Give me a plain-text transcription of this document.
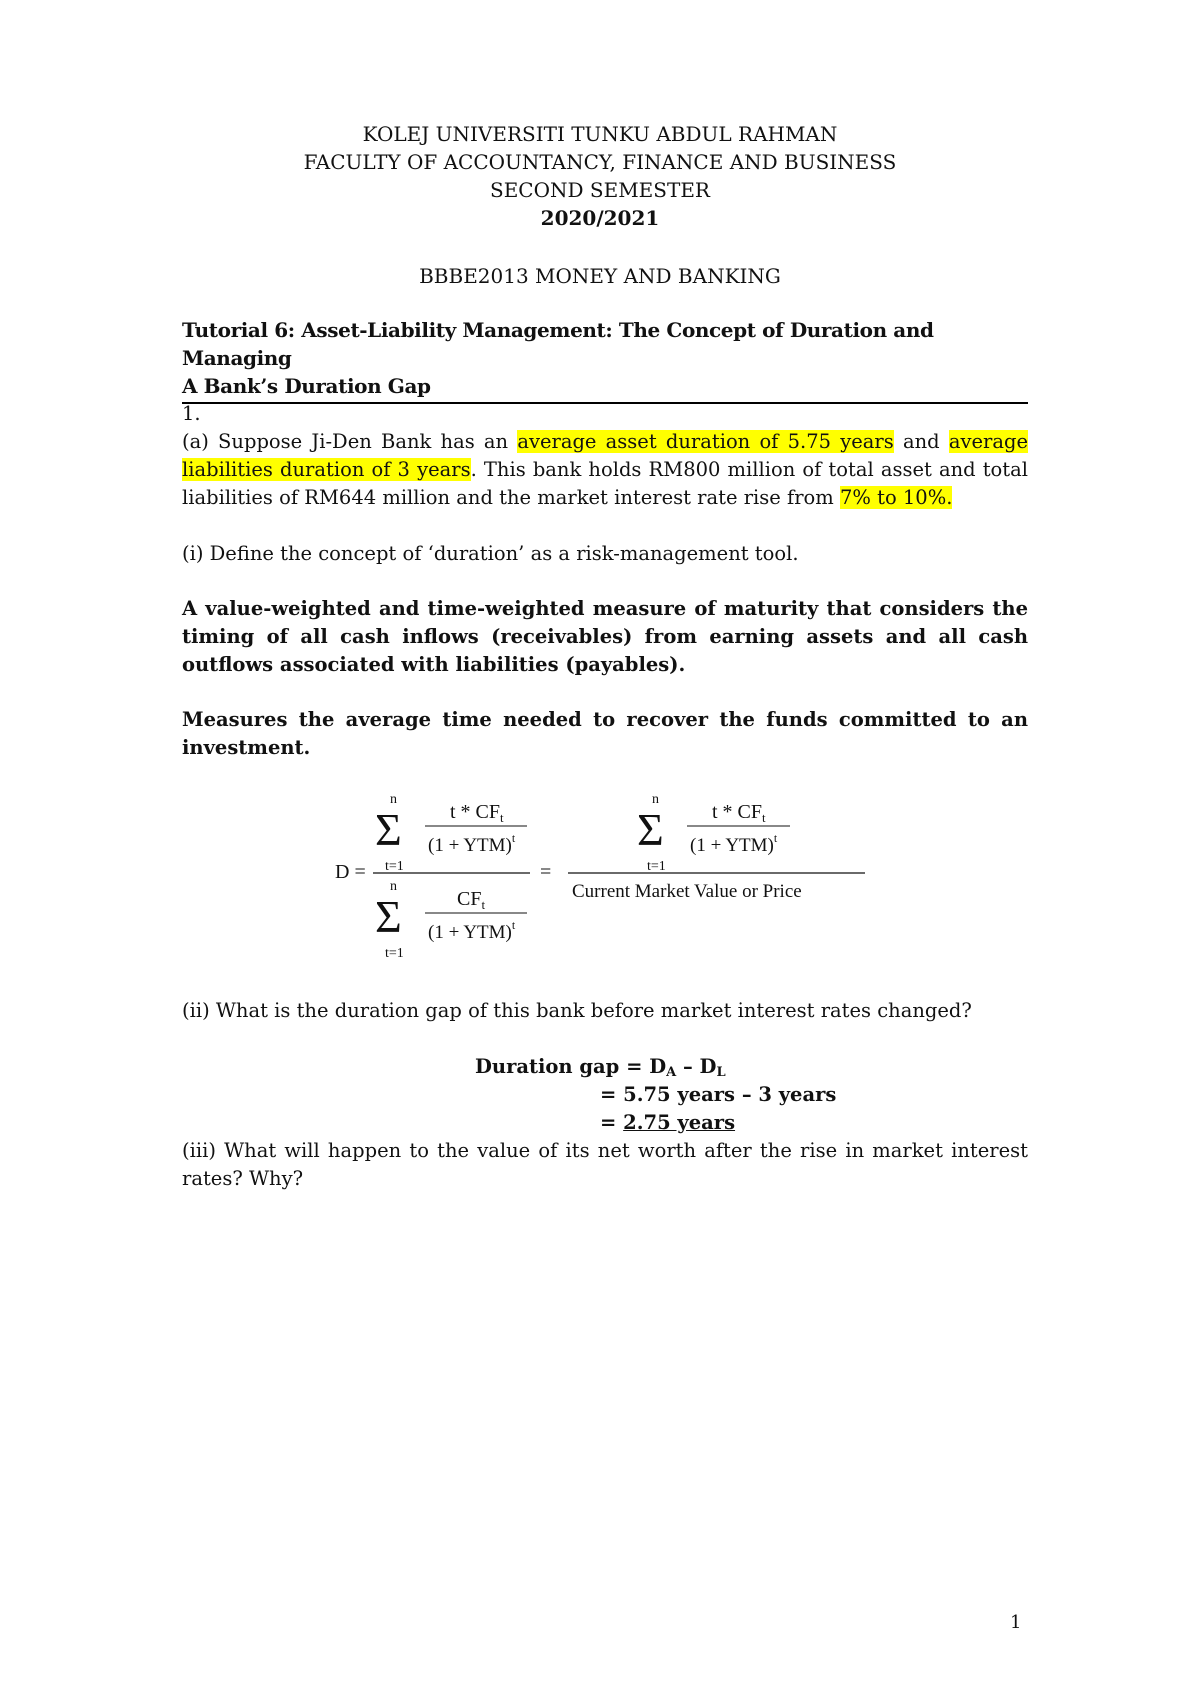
KOLEJ UNIVERSITI TUNKU ABDUL RAHMAN
FACULTY OF ACCOUNTANCY, FINANCE AND BUSINESS
SECOND SEMESTER
2020/2021
BBBE2013 MONEY AND BANKING
Tutorial 6: Asset-Liability Management: The Concept of Duration and Managing
A Bank’s Duration Gap
1.
(a) Suppose Ji-Den Bank has an average asset duration of 5.75 years and average liabilities duration of 3 years. This bank holds RM800 million of total asset and total liabilities of RM644 million and the market interest rate rise from 7% to 10%.
(i) Define the concept of ‘duration’ as a risk-management tool.
A value-weighted and time-weighted measure of maturity that considers the timing of all cash inflows (receivables) from earning assets and all cash outflows associated with liabilities (payables).
Measures the average time needed to recover the funds committed to an investment.
D =
n
Σ
t=1
t * $CF_t$
(1 + YTM)$^t$
n
Σ
t=1
$CF_t$
(1 + YTM)$^t$
=
n
Σ
t=1
t * $CF_t$
(1 + YTM)$^t$
Current Market Value or Price
(ii) What is the duration gap of this bank before market interest rates changed?
Duration gap = $D_A - D_L$
= 5.75 years – 3 years
= 2.75 years
(iii) What will happen to the value of its net worth after the rise in market interest rates? Why?
1
